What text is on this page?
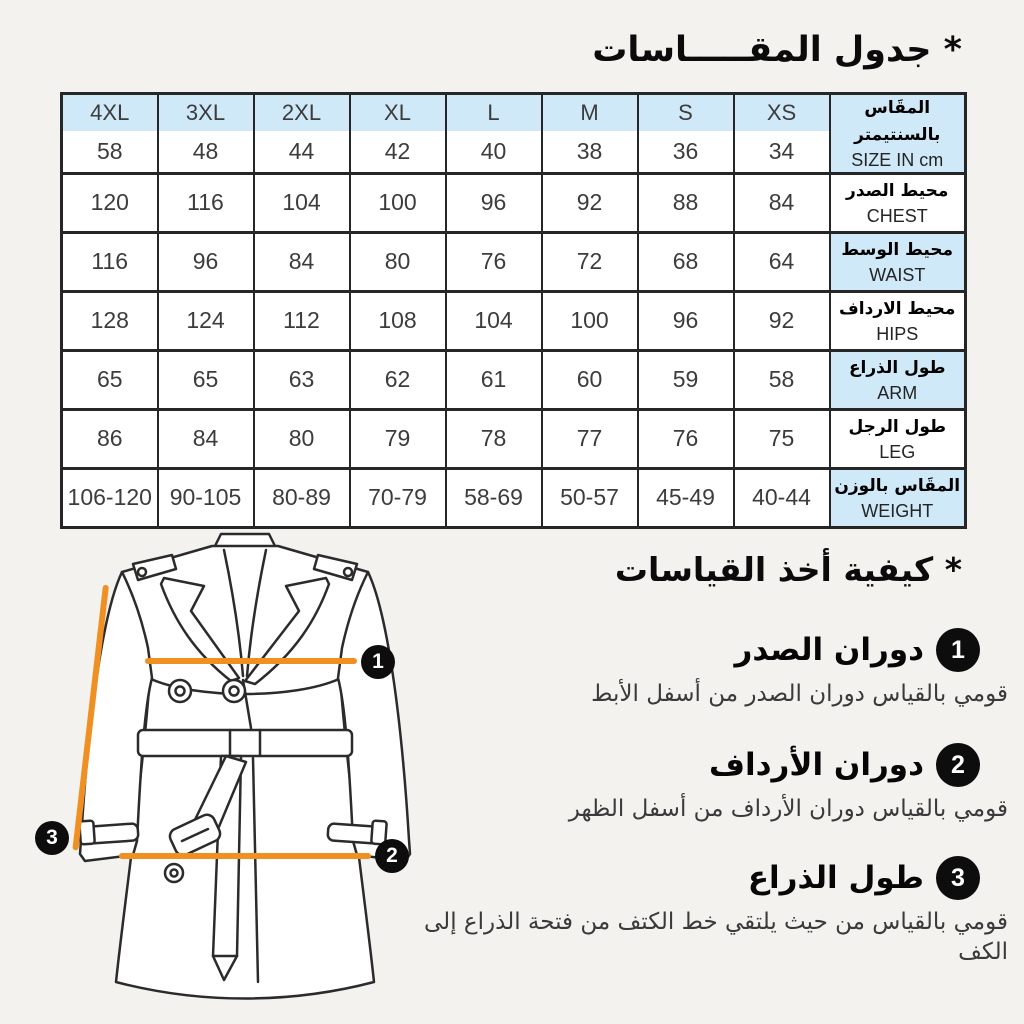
* جدول المقـــــاسات
4XL	3XL	2XL	XL	L	M	S	XS	المقَاس بالسنتيمتر
SIZE IN cm

58	48	44	42	40	38	36	34	
120	116	104	100	96	92	88	84	محيط الصدر
CHEST

116	96	84	80	76	72	68	64	محيط الوسط
WAIST

128	124	112	108	104	100	96	92	محيط الارداف
HIPS

65	65	63	62	61	60	59	58	طول الذراع
ARM

86	84	80	79	78	77	76	75	طول الرجل
LEG

106-120	90-105	80-89	70-79	58-69	50-57	45-49	40-44	المقَاس بالوزن
WEIGHT
1
2
3
* كيفية أخذ القياسات
1
دوران الصدر
قومي بالقياس دوران الصدر من أسفل الأبط
2
دوران الأرداف
قومي بالقياس دوران الأرداف من أسفل الظهر
3
طول الذراع
قومي بالقياس من حيث يلتقي خط الكتف من فتحة الذراع إلى الكف
